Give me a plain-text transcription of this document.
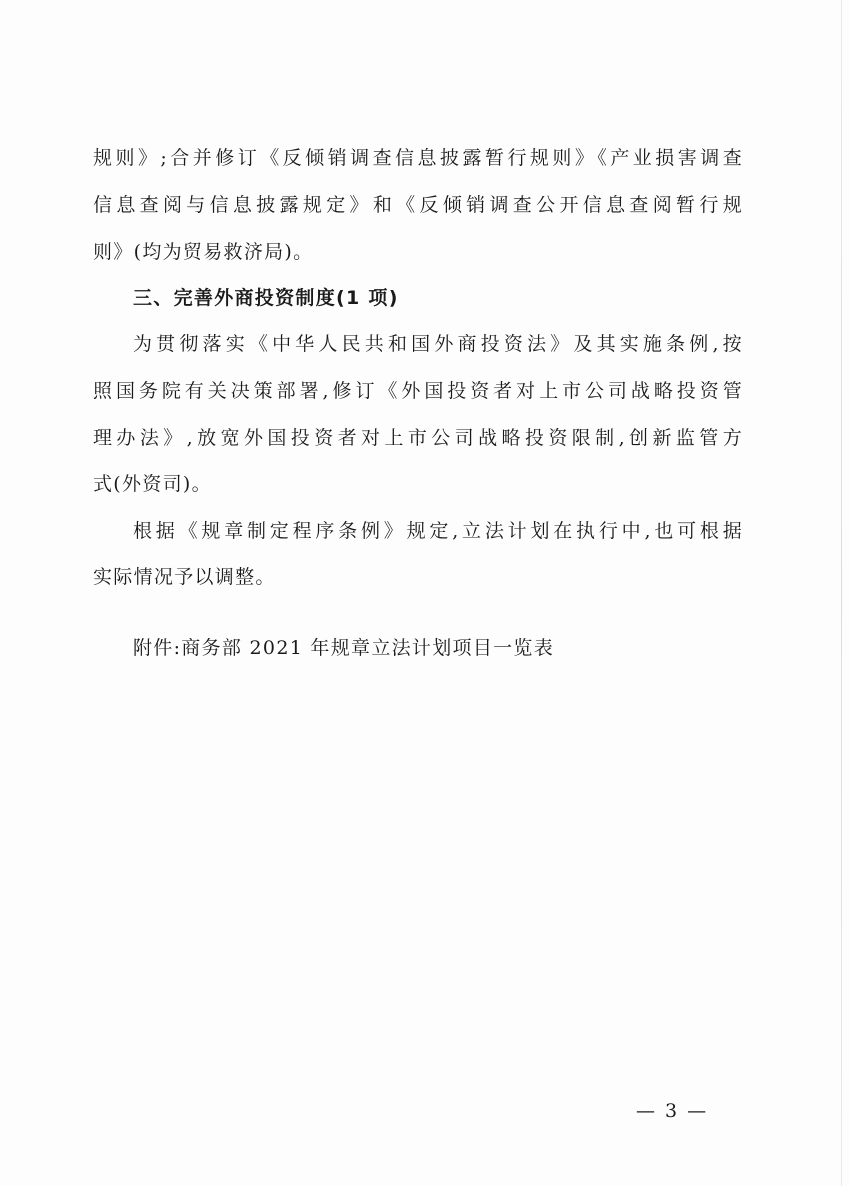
规则》;合并修订《反倾销调查信息披露暂行规则》《产业损害调查
信息查阅与信息披露规定》和《反倾销调查公开信息查阅暂行规
则》(均为贸易救济局)。
三、完善外商投资制度(1 项)
为贯彻落实《中华人民共和国外商投资法》及其实施条例,按
照国务院有关决策部署,修订《外国投资者对上市公司战略投资管
理办法》,放宽外国投资者对上市公司战略投资限制,创新监管方
式(外资司)。
根据《规章制定程序条例》规定,立法计划在执行中,也可根据
实际情况予以调整。
附件:商务部 2021 年规章立法计划项目一览表
— 3 —
